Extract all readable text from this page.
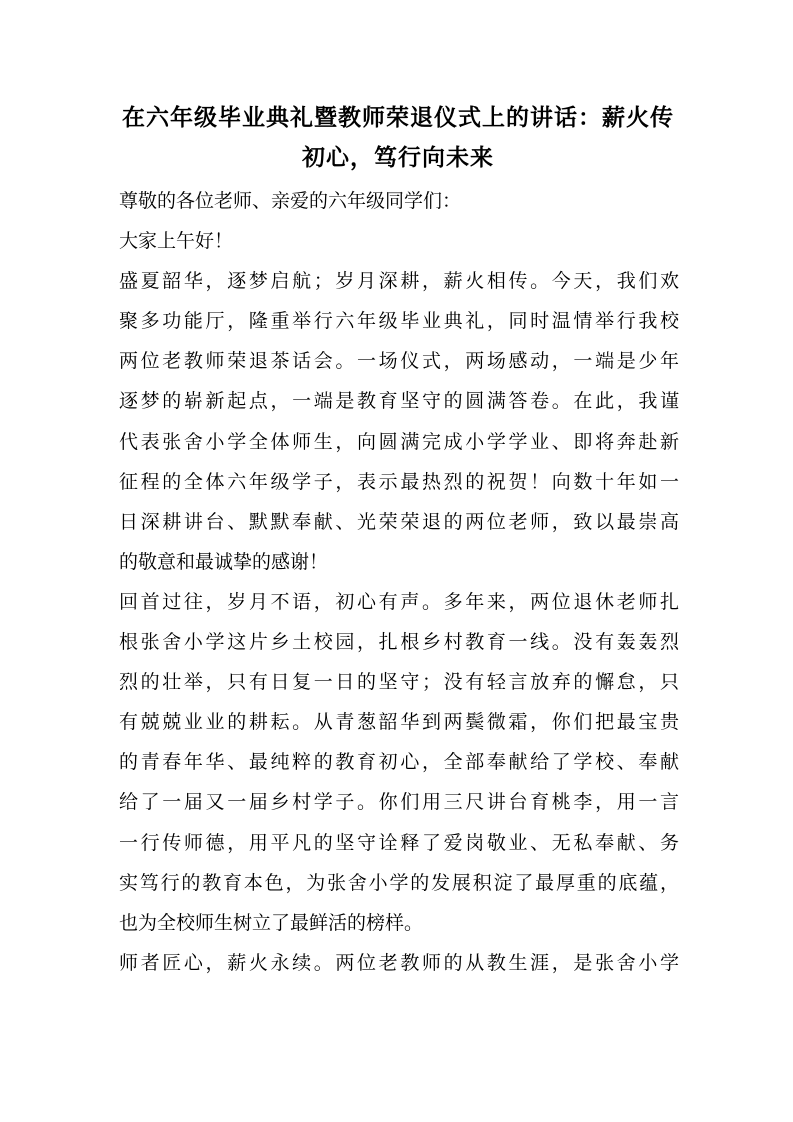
在六年级毕业典礼暨教师荣退仪式上的讲话：薪火传
初心，笃行向未来
尊敬的各位老师、亲爱的六年级同学们：
大家上午好！
盛夏韶华，逐梦启航；岁月深耕，薪火相传。今天，我们欢
聚多功能厅，隆重举行六年级毕业典礼，同时温情举行我校
两位老教师荣退茶话会。一场仪式，两场感动，一端是少年
逐梦的崭新起点，一端是教育坚守的圆满答卷。在此，我谨
代表张舍小学全体师生，向圆满完成小学学业、即将奔赴新
征程的全体六年级学子，表示最热烈的祝贺！向数十年如一
日深耕讲台、默默奉献、光荣荣退的两位老师，致以最崇高
的敬意和最诚挚的感谢！
回首过往，岁月不语，初心有声。多年来，两位退休老师扎
根张舍小学这片乡土校园，扎根乡村教育一线。没有轰轰烈
烈的壮举，只有日复一日的坚守；没有轻言放弃的懈怠，只
有兢兢业业的耕耘。从青葱韶华到两鬓微霜，你们把最宝贵
的青春年华、最纯粹的教育初心，全部奉献给了学校、奉献
给了一届又一届乡村学子。你们用三尺讲台育桃李，用一言
一行传师德，用平凡的坚守诠释了爱岗敬业、无私奉献、务
实笃行的教育本色，为张舍小学的发展积淀了最厚重的底蕴，
也为全校师生树立了最鲜活的榜样。
师者匠心，薪火永续。两位老教师的从教生涯，是张舍小学
